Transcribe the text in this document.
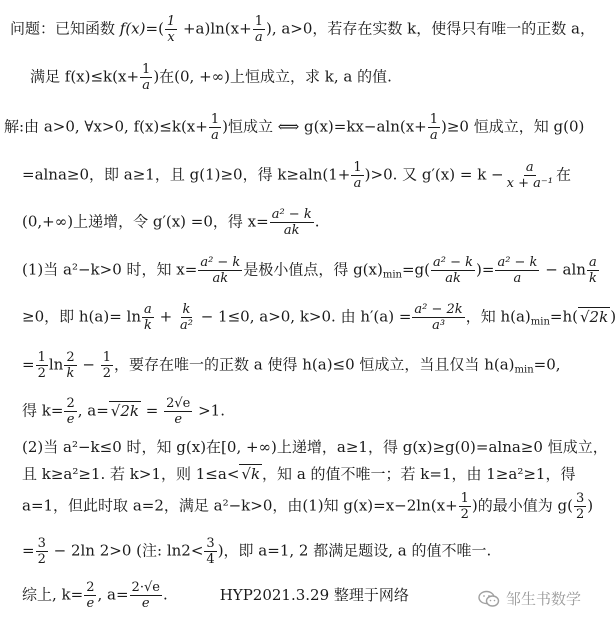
问题：已知函数 $f(x)=( \frac{1}{x} +a)\ln(x+ \frac{1}{a}$ ), a>0，若存在实数 k，使得只有唯一的正数 a，
满足 $f(x)\le k(x+ \frac{1}{a}$ )在(0, +∞)上恒成立，求 k, a 的值.
解:由 a>0, ∀x>0, $f(x)\le k(x+ \frac{1}{a}$ )恒成立 ⟺ $g(x)=kx-aln(x+ \frac{1}{a} )\ge 0$ 恒成立，知 g(0)
=alna≥0，即 a≥1，且 g(1)≥0，得 $k\ge aln(1+ \frac{1}{a} )>0$. 又 $g'(x) = k - \frac{a}{\text{x + a⁻¹}}$ 在
(0,+∞)上递增，令 g′(x) =0，得 $x= \frac{\text{a² − k}}{ak}$ .
(1)当 a²−k>0 时，知 $x= \frac{\text{a² − k}}{ak}$ 是极小值点，得 $g(x)_{min}=g( \frac{\text{a² − k}}{ak}$ )= $\frac{\text{a² − k}}{a} - aln \frac{a}{k}$
≥0，即 $h(a)= \ln \frac{a}{k} + \frac{k}{\text{a²}} - 1\le 0$, a>0, k>0. 由 $h'(a) = \frac{\text{a² − 2k}}{\text{a³}}$ ，知 $h(a)_{min}=h$( √2k )
= $\frac{1}{2}$ $\ln \frac{2}{k} - \frac{1}{2}$ ，要存在唯一的正数 a 使得 h(a)≤0 恒成立，当且仅当 $h(a)_{min}=0$,
得 $k= \frac{2}{e}$ , $a= √2k = \frac{2√e}{e} >1$.
(2)当 a²−k≤0 时，知 g(x)在[0, +∞)上递增，a≥1，得 g(x)≥g(0)=alna≥0 恒成立，
且 k≥a²≥1. 若 k>1，则 1≤a< √k ，知 a 的值不唯一；若 k=1，由 1≥a²≥1，得
a=1，但此时取 a=2，满足 a²−k>0，由(1)知 $g(x)=x-2\ln(x+ \frac{1}{2}$ )的最小值为 $g( \frac{3}{2}$ )
= $\frac{3}{2} - 2\ln$ 2>0 (注: $\ln 2< \frac{3}{4}$ )，即 a=1, 2 都满足题设, a 的值不唯一.
综上, $k= \frac{2}{e}$ , $a= \frac{2\cdot√e}{e}$ .	HYP2021.3.29 整理于网络	邹生书数学
